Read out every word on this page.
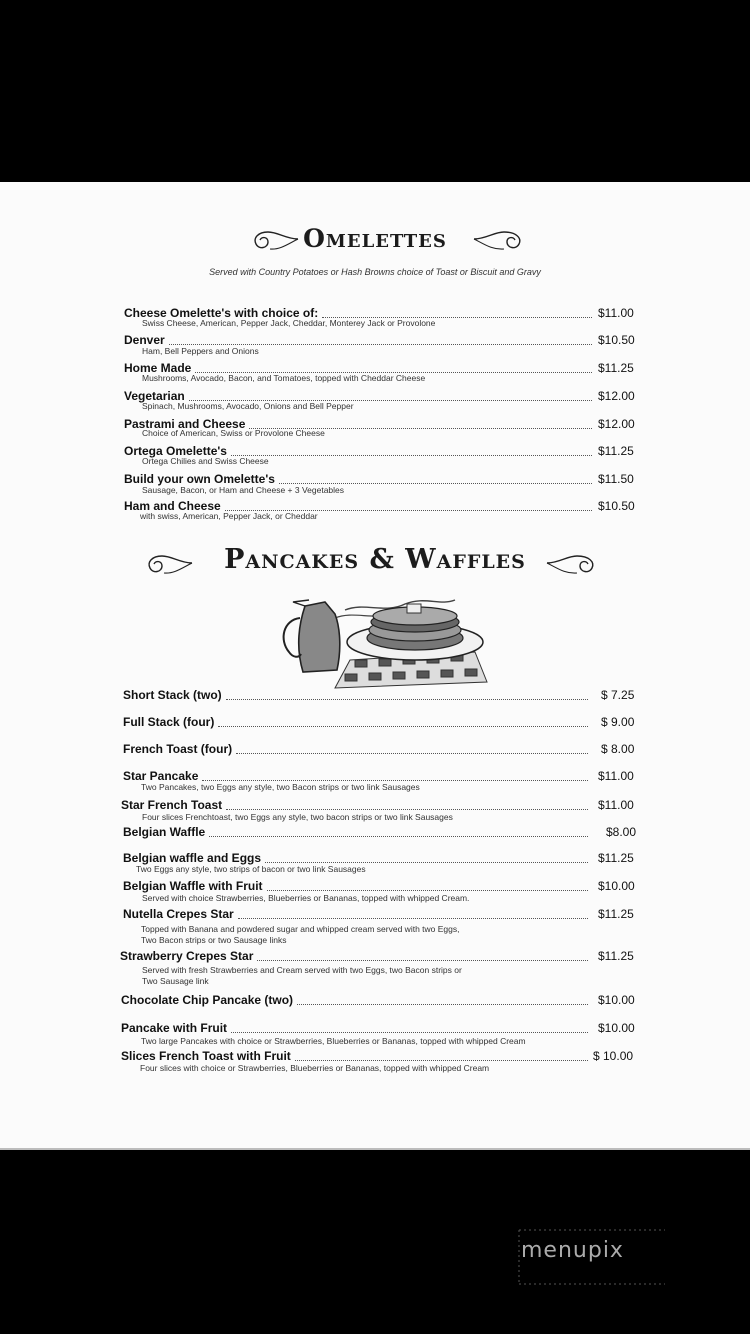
Omelettes
Served with Country Potatoes or Hash Browns choice of Toast or Biscuit and Gravy
Cheese Omelette's with choice of:	$11.00
Swiss Cheese, American, Pepper Jack, Cheddar, Monterey Jack or Provolone
Denver	$10.50
Ham, Bell Peppers and Onions
Home Made	$11.25
Mushrooms, Avocado, Bacon, and Tomatoes, topped with Cheddar Cheese
Vegetarian	$12.00
Spinach, Mushrooms, Avocado, Onions and Bell Pepper
Pastrami and Cheese	$12.00
Choice of American, Swiss or Provolone Cheese
Ortega Omelette's	$11.25
Ortega Chilies and Swiss Cheese
Build your own Omelette's	$11.50
Sausage, Bacon, or Ham and Cheese + 3 Vegetables
Ham and Cheese	$10.50
with swiss, American, Pepper Jack, or Cheddar
Pancakes & Waffles
Short Stack (two)	$ 7.25
Full Stack (four)	$ 9.00
French Toast (four)	$ 8.00
Star Pancake	$11.00
Two Pancakes, two Eggs any style, two Bacon strips or two link Sausages
Star French Toast	$11.00
Four slices Frenchtoast, two Eggs any style, two bacon strips or two link Sausages
Belgian Waffle	$8.00
Belgian waffle and Eggs	$11.25
Two Eggs any style, two strips of bacon or two link Sausages
Belgian Waffle with Fruit	$10.00
Served with choice Strawberries, Blueberries or Bananas, topped with whipped Cream.
Nutella Crepes Star	$11.25
Topped with Banana and powdered sugar and whipped cream served with two Eggs,
Two Bacon strips or two Sausage links
Strawberry Crepes Star	$11.25
Served with fresh Strawberries and Cream served with two Eggs, two Bacon strips or
Two Sausage link
Chocolate Chip Pancake (two)	$10.00
Pancake with Fruit	$10.00
Two large Pancakes with choice or Strawberries, Blueberries or Bananas, topped with whipped Cream
Slices French Toast with Fruit	$ 10.00
Four slices with choice or Strawberries, Blueberries or Bananas, topped with whipped Cream
menupix
